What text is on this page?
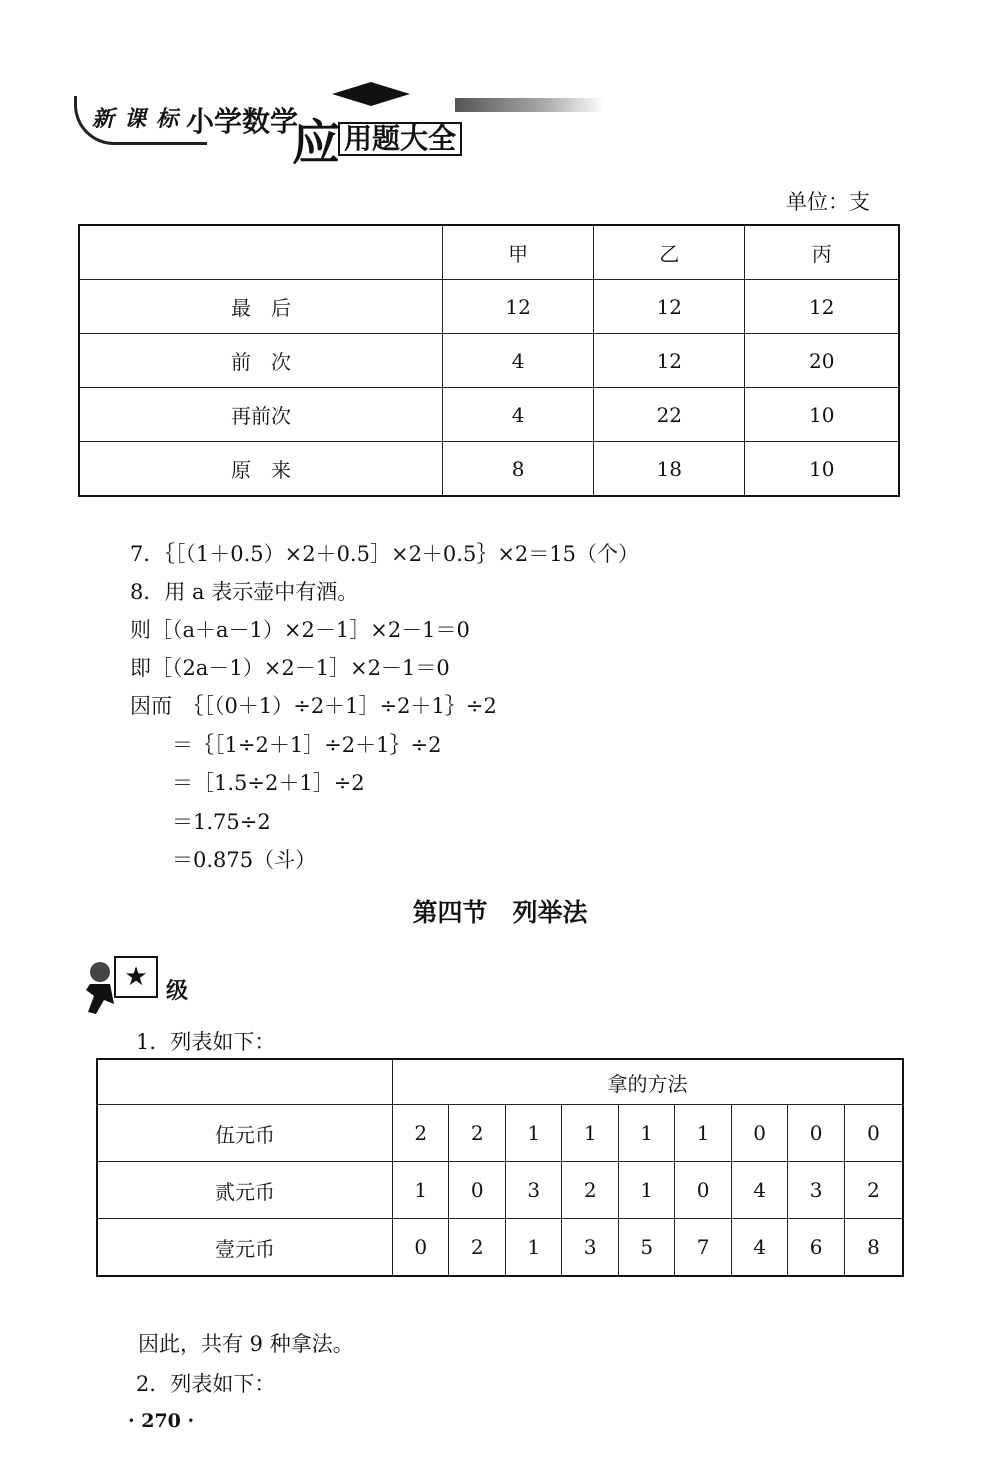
新课标
小学数学
应 用题大全
单位：支
	甲	乙	丙
最　后	12	12	12
前　次	4	12	20
再前次	4	22	10
原　来	8	18	10
7．｛［（1＋0.5）×2＋0.5］×2＋0.5｝×2＝15（个）
8．用 a 表示壶中有酒。
则［（a＋a－1）×2－1］×2－1＝0
即［（2a－1）×2－1］×2－1＝0
因而　｛［（0＋1）÷2＋1］÷2＋1｝÷2
　　＝｛［1÷2＋1］÷2＋1｝÷2
　　＝［1.5÷2＋1］÷2
　　＝1.75÷2
　　＝0.875（斗）
第四节　列举法
★ 级
1．列表如下：
	拿的方法								
伍元币	2	2	1	1	1	1	0	0	0
贰元币	1	0	3	2	1	0	4	3	2
壹元币	0	2	1	3	5	7	4	6	8
因此，共有 9 种拿法。
2．列表如下：
· 270 ·
